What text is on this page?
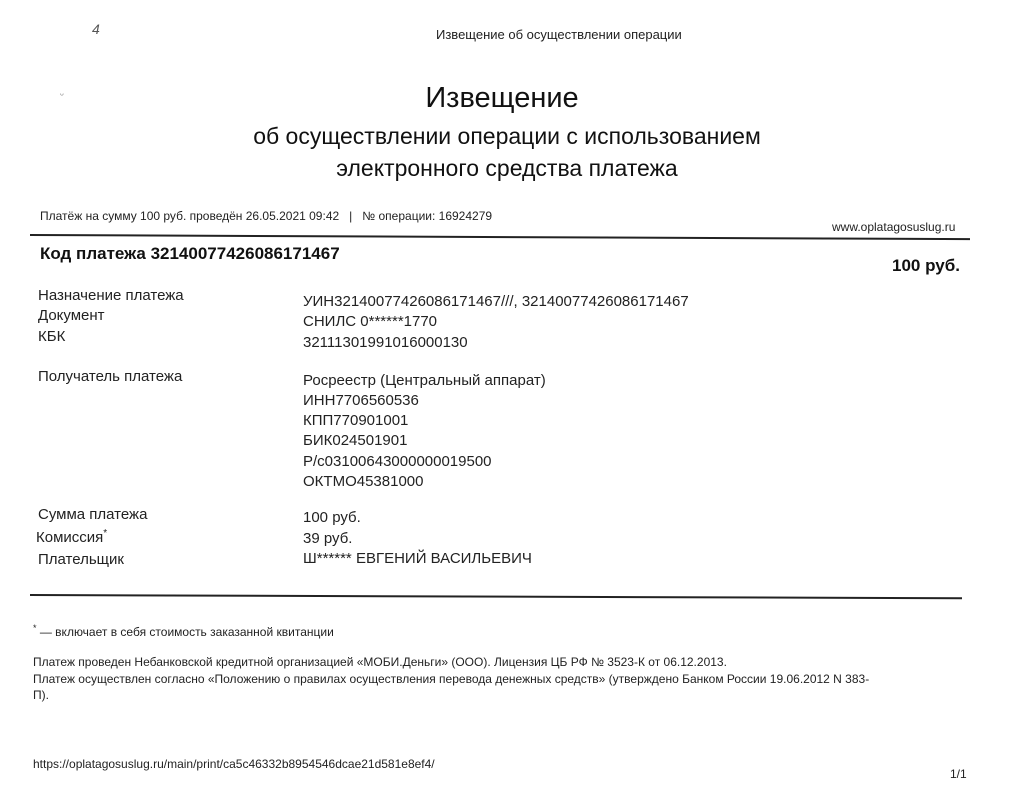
4
ᵕ
Извещение об осуществлении операции
Извещение
об осуществлении операции с использованием
электронного средства платежа
Платёж на сумму 100 руб. проведён 26.05.2021 09:42 | № операции: 16924279
www.oplatagosuslug.ru
Код платежа 32140077426086171467
100 руб.
Назначение платежа	УИН32140077426086171467///, 32140077426086171467
Документ	СНИЛС 0******1770
КБК	32111301991016000130
Получатель платежа	Росреестр (Центральный аппарат)
ИНН7706560536
КПП770901001
БИК024501901
Р/с03100643000000019500
ОКТМО45381000
Сумма платежа	100 руб.
Комиссия*	39 руб.
Плательщик	Ш****** ЕВГЕНИЙ ВАСИЛЬЕВИЧ
* — включает в себя стоимость заказанной квитанции
Платеж проведен Небанковской кредитной организацией «МОБИ.Деньги» (ООО). Лицензия ЦБ РФ № 3523-К от 06.12.2013.
Платеж осуществлен согласно «Положению о правилах осуществления перевода денежных средств» (утверждено Банком России 19.06.2012 N 383-
П).
https://oplatagosuslug.ru/main/print/ca5c46332b8954546dcae21d581e8ef4/
1/1
